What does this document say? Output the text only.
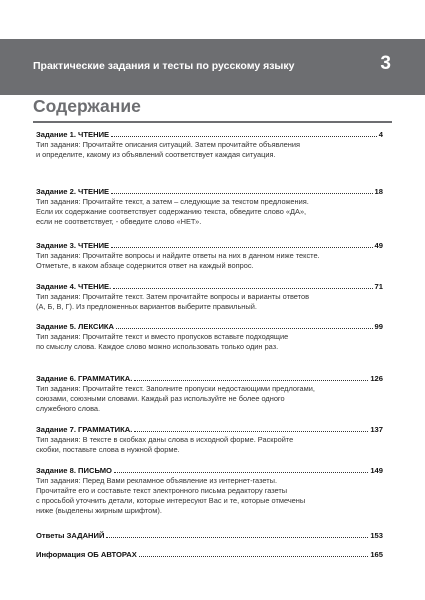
Практические задания и тесты по русскому языку	3
Содержание
Задание 1. ЧТЕНИЕ	4
Тип задания: Прочитайте описания ситуаций. Затем прочитайте объявления
и определите, какому из объявлений соответствует каждая ситуация.
Задание 2. ЧТЕНИЕ	18
Тип задания: Прочитайте текст, а затем – следующие за текстом предложения.
Если их содержание соответствует содержанию текста, обведите слово «ДА»,
если не соответствует, - обведите слово «НЕТ».
Задание 3. ЧТЕНИЕ	49
Тип задания: Прочитайте вопросы и найдите ответы на них в данном ниже тексте.
Отметьте, в каком абзаце содержится ответ на каждый вопрос.
Задание 4. ЧТЕНИЕ.	71
Тип задания: Прочитайте текст. Затем прочитайте вопросы и варианты ответов
(А, Б, В, Г). Из предложенных вариантов выберите правильный.
Задание 5. ЛЕКСИКА	99
Тип задания: Прочитайте текст и вместо пропусков вставьте подходящие
по смыслу слова. Каждое слово можно использовать только один раз.
Задание 6. ГРАММАТИКА.	126
Тип задания: Прочитайте текст. Заполните пропуски недостающими предлогами,
союзами, союзными словами. Каждый раз используйте не более одного
служебного слова.
Задание 7. ГРАММАТИКА.	137
Тип задания: В тексте в скобках даны слова в исходной форме. Раскройте
скобки, поставьте слова в нужной форме.
Задание 8. ПИСЬМО	149
Тип задания: Перед Вами рекламное объявление из интернет-газеты.
Прочитайте его и составьте текст электронного письма редактору газеты
с просьбой уточнить детали, которые интересуют Вас и те, которые отмечены
ниже (выделены жирным шрифтом).
Ответы ЗАДАНИЙ	153
Информация ОБ АВТОРАХ	165
